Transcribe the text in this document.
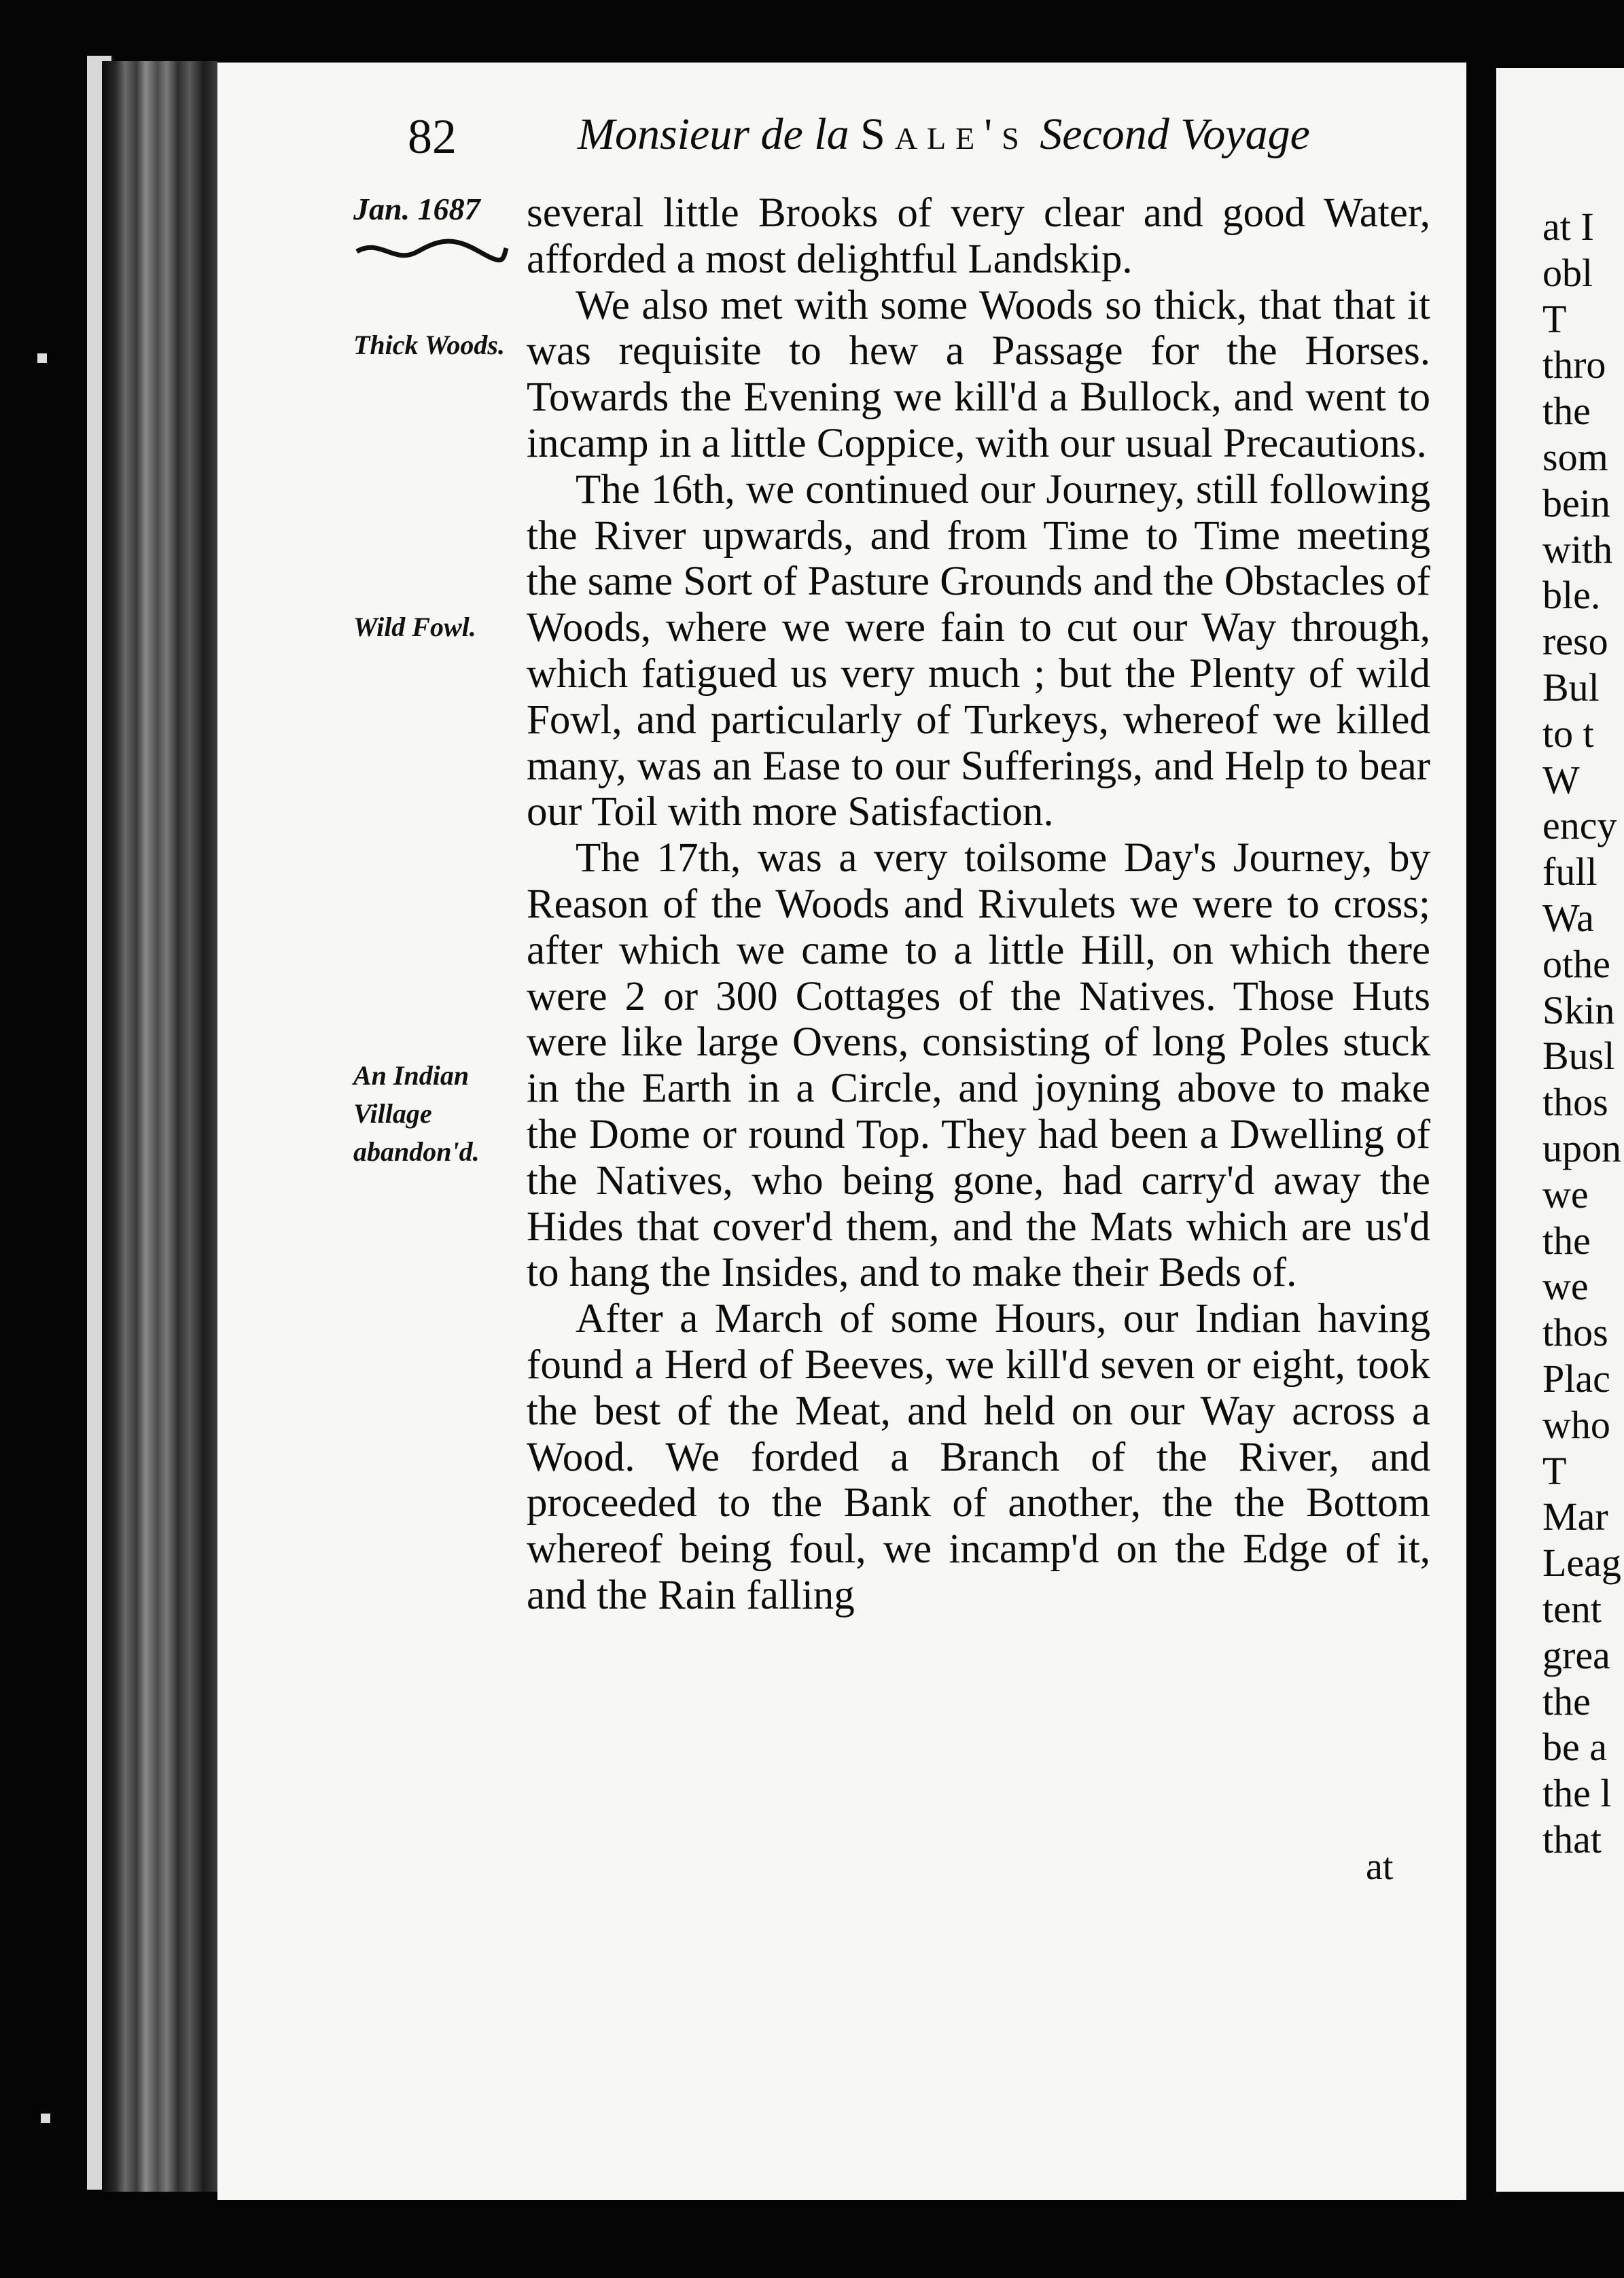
82	Monsieur de la Sale's Second Voyage
Jan. 1687
Thick Woods.
Wild Fowl.
An Indian Village abandon'd.

several little Brooks of very clear and good Water, afforded a most delightful Landskip.

We also met with some Woods so thick, that that it was requisite to hew a Passage for the Horses. Towards the Evening we kill'd a Bullock, and went to incamp in a little Coppice, with our usual Precautions.

The 16th, we continued our Journey, still following the River upwards, and from Time to Time meeting the same Sort of Pasture Grounds and the Obstacles of Woods, where we were fain to cut our Way through, which fatigued us very much ; but the Plenty of wild Fowl, and particularly of Turkeys, whereof we killed many, was an Ease to our Sufferings, and Help to bear our Toil with more Satisfaction.

The 17th, was a very toilsome Day's Journey, by Reason of the Woods and Rivulets we were to cross; after which we came to a little Hill, on which there were 2 or 300 Cottages of the Natives. Those Huts were like large Ovens, consisting of long Poles stuck in the Earth in a Circle, and joyning above to make the Dome or round Top. They had been a Dwelling of the Natives, who being gone, had carry'd away the Hides that cover'd them, and the Mats which are us'd to hang the Insides, and to make their Beds of.

After a March of some Hours, our Indian having found a Herd of Beeves, we kill'd seven or eight, took the best of the Meat, and held on our Way across a Wood. We forded a Branch of the River, and proceeded to the Bank of another, the the Bottom whereof being foul, we incamp'd on the Edge of it, and the Rain falling

at
at I
obl
T
thro
the
som
bein
with
ble.
reso
Bul
to t
W
ency
full
Wa
othe
Skin
Busl
thos
upon
we
the
we
thos
Plac
who
T
Mar
Leag
tent
grea
the
be a
the l
that
